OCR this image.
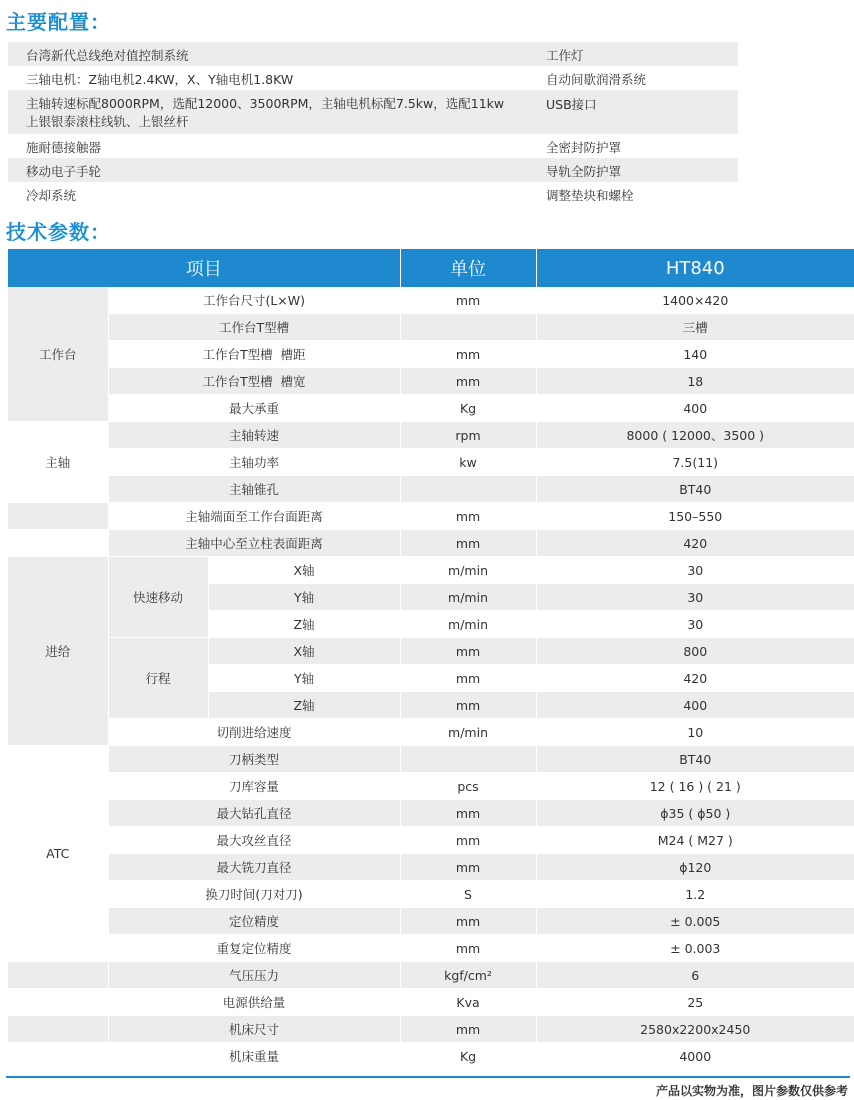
主要配置：
台湾新代总线绝对值控制系统	工作灯
三轴电机：Z轴电机2.4KW，X、Y轴电机1.8KW	自动间歇润滑系统

主轴转速标配8000RPM，选配12000、3500RPM，主轴电机标配7.5kw，选配11kw
上银银泰滚柱线轨、上银丝杆	USB接口
施耐德接触器	全密封防护罩
移动电子手轮	导轨全防护罩
冷却系统	调整垫块和螺栓
技术参数：
项目			单位	HT840
工作台	工作台尺寸(L×W)		mm	1400×420
	工作台T型槽			三槽
	工作台T型槽  槽距		mm	140
	工作台T型槽  槽宽		mm	18
	最大承重		Kg	400
主轴	主轴转速		rpm	8000 ( 12000、3500 )
	主轴功率		kw	7.5(11)
	主轴锥孔			BT40
	主轴端面至工作台面距离		mm	150–550
	主轴中心至立柱表面距离		mm	420
进给	快速移动	X轴	m/min	30
		Y轴	m/min	30
		Z轴	m/min	30
	行程	X轴	mm	800
		Y轴	mm	420
		Z轴	mm	400
	切削进给速度		m/min	10
ATC	刀柄类型			BT40
	刀库容量		pcs	12 ( 16 ) ( 21 )
	最大钻孔直径		mm	ϕ35 ( ϕ50 )
	最大攻丝直径		mm	M24 ( M27 )
	最大铣刀直径		mm	ϕ120
	换刀时间(刀对刀)		S	1.2
	定位精度		mm	± 0.005
	重复定位精度		mm	± 0.003
	气压压力		kgf/cm²	6
	电源供给量		Kva	25
	机床尺寸		mm	2580x2200x2450
	机床重量		Kg	4000
产品以实物为准，图片参数仅供参考
